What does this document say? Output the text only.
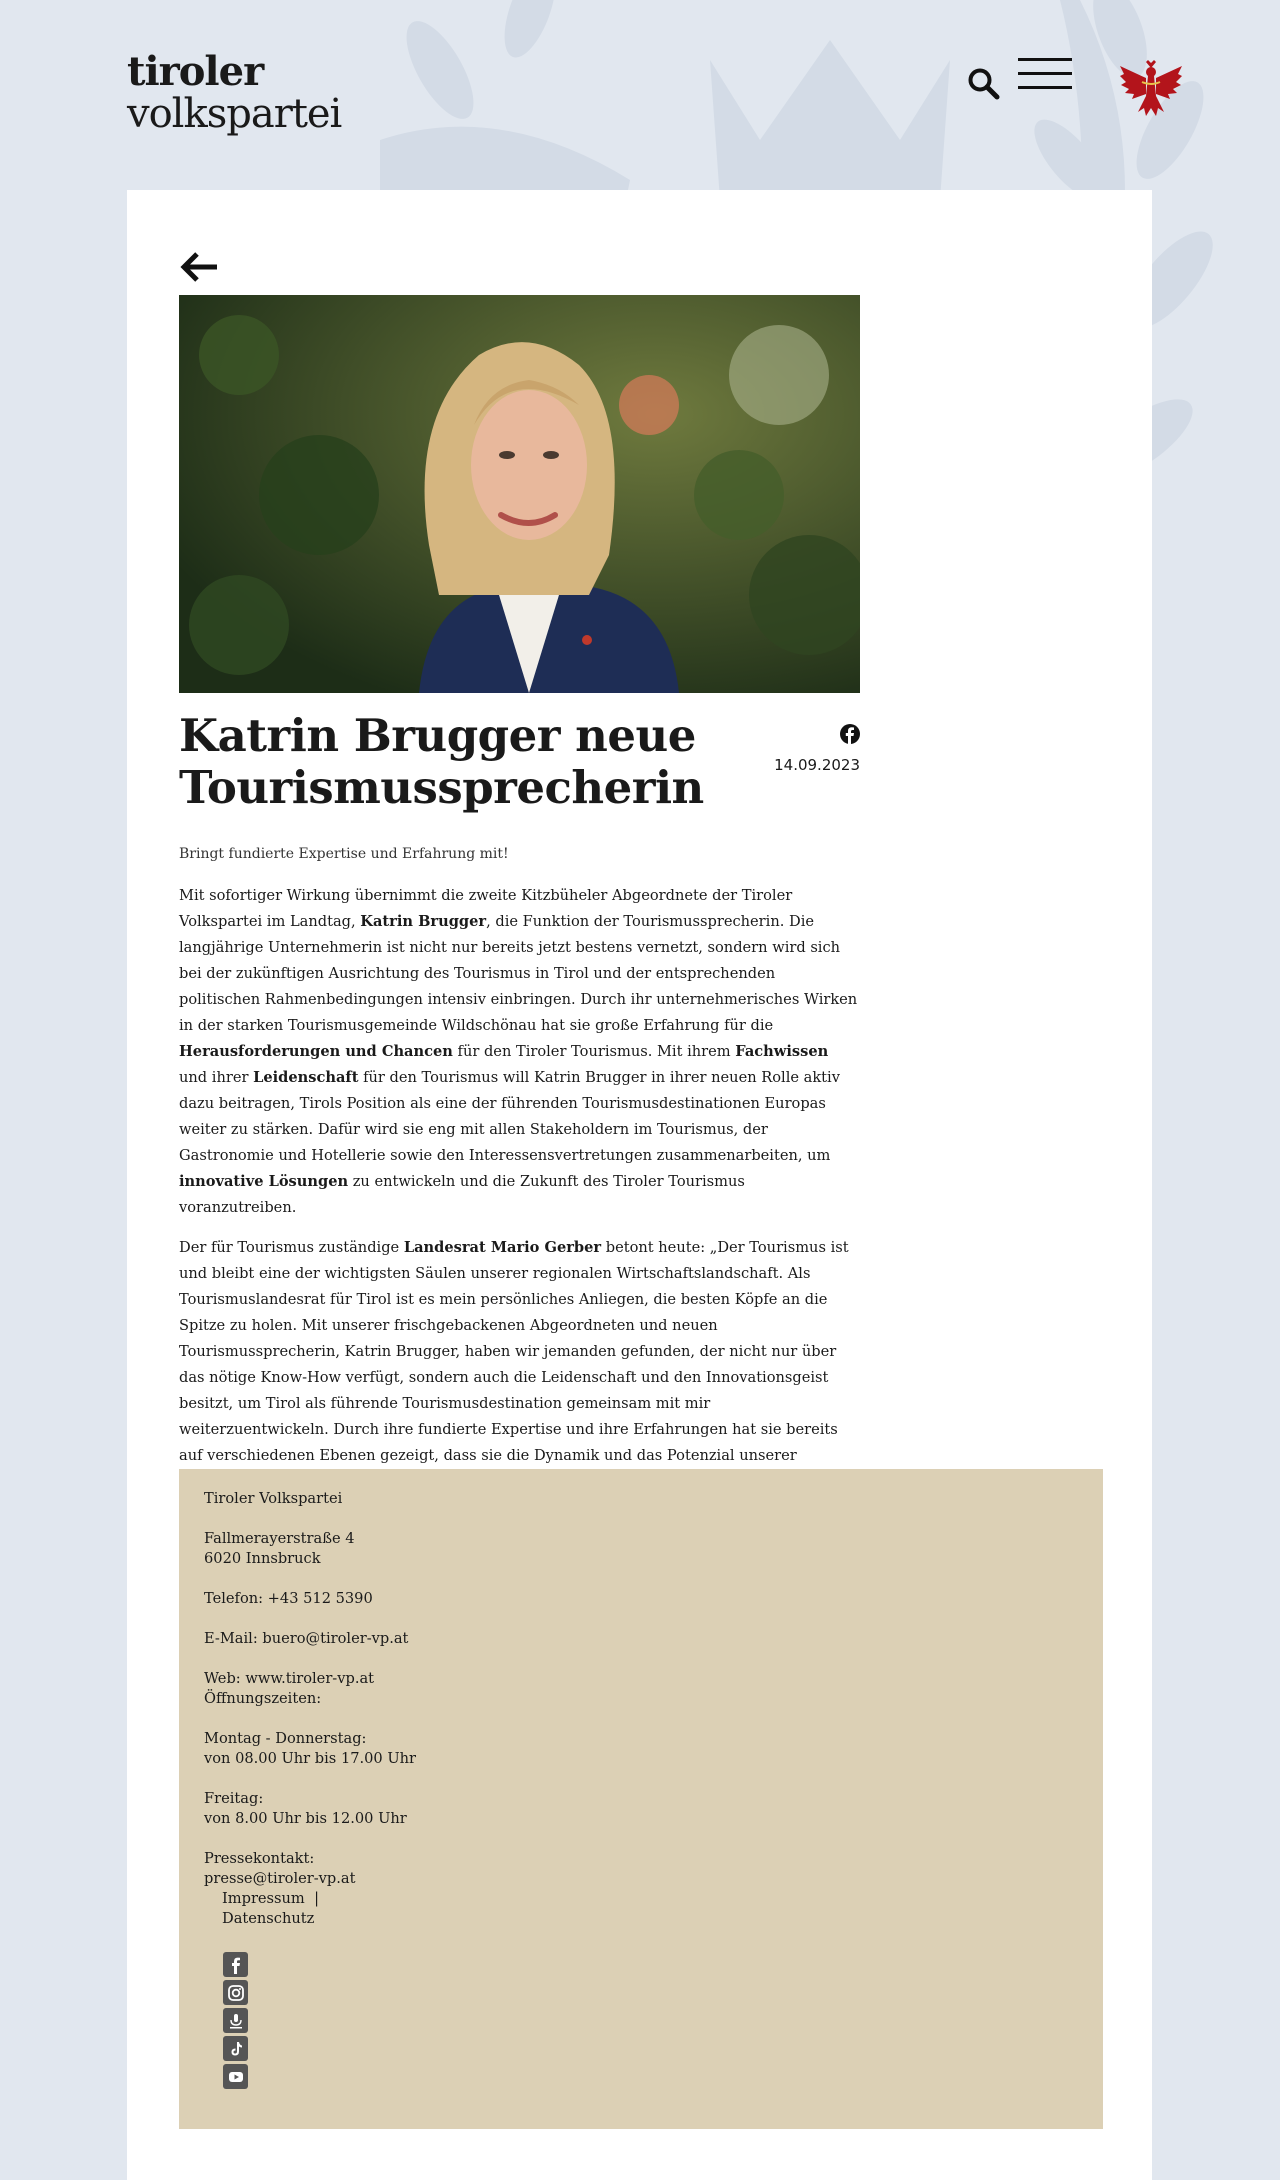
tiroler
volkspartei
Katrin Brugger neue Tourismussprecherin	14.09.2023
Bringt fundierte Expertise und Erfahrung mit!

Mit sofortiger Wirkung übernimmt die zweite Kitzbüheler Abgeordnete der Tiroler Volkspartei im Landtag, Katrin Brugger, die Funktion der Tourismussprecherin. Die langjährige Unternehmerin ist nicht nur bereits jetzt bestens vernetzt, sondern wird sich bei der zukünftigen Ausrichtung des Tourismus in Tirol und der entsprechenden politischen Rahmenbedingungen intensiv einbringen. Durch ihr unternehmerisches Wirken in der starken Tourismusgemeinde Wildschönau hat sie große Erfahrung für die Herausforderungen und Chancen für den Tiroler Tourismus. Mit ihrem Fachwissen und ihrer Leidenschaft für den Tourismus will Katrin Brugger in ihrer neuen Rolle aktiv dazu beitragen, Tirols Position als eine der führenden Tourismusdestinationen Europas weiter zu stärken. Dafür wird sie eng mit allen Stakeholdern im Tourismus, der Gastronomie und Hotellerie sowie den Interessensvertretungen zusammenarbeiten, um innovative Lösungen zu entwickeln und die Zukunft des Tiroler Tourismus voranzutreiben.

Der für Tourismus zuständige Landesrat Mario Gerber betont heute: „Der Tourismus ist und bleibt eine der wichtigsten Säulen unserer regionalen Wirtschaftslandschaft. Als Tourismuslandesrat für Tirol ist es mein persönliches Anliegen, die besten Köpfe an die Spitze zu holen. Mit unserer frischgebackenen Abgeordneten und neuen Tourismussprecherin, Katrin Brugger, haben wir jemanden gefunden, der nicht nur über das nötige Know-How verfügt, sondern auch die Leidenschaft und den Innovationsgeist besitzt, um Tirol als führende Tourismusdestination gemeinsam mit mir weiterzuentwickeln. Durch ihre fundierte Expertise und ihre Erfahrungen hat sie bereits auf verschiedenen Ebenen gezeigt, dass sie die Dynamik und das Potenzial unserer

Tiroler Volkspartei
Fallmerayerstraße 4
6020 Innsbruck
Telefon: +43 512 5390
E-Mail: buero@tiroler-vp.at
Web: www.tiroler-vp.at
Öffnungszeiten:
Montag - Donnerstag:
von 08.00 Uhr bis 17.00 Uhr
Freitag:
von 8.00 Uhr bis 12.00 Uhr
Pressekontakt:
presse@tiroler-vp.at
Impressum |
Datenschutz
